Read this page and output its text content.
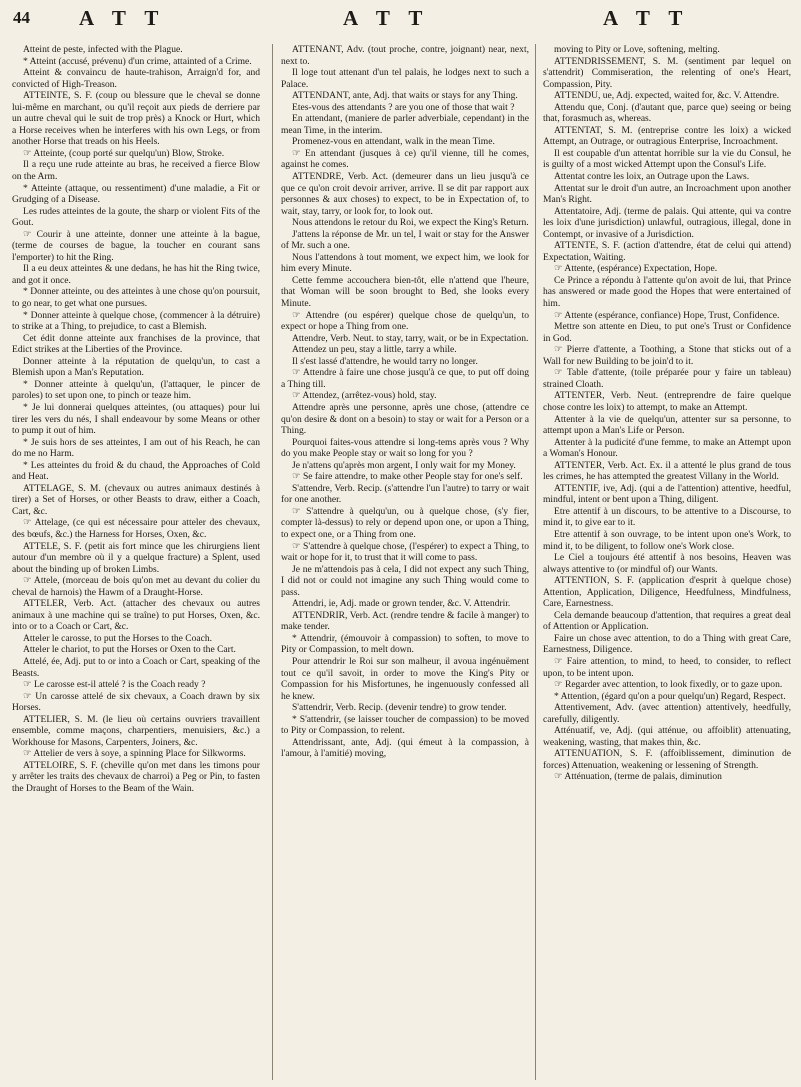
44 A T T	A T T	A T T

Atteint de peste, infected with the Plague.

* Atteint (accusé, prévenu) d'un crime, attainted of a Crime.

Atteint & convaincu de haute-trahison, Arraign'd for, and convicted of High-Treason.

ATTEINTE, S. F. (coup ou blessure que le cheval se donne lui-même en marchant, ou qu'il reçoit aux pieds de derriere par un autre cheval qui le suit de trop près) a Knock or Hurt, which a Horse receives when he interferes with his own Legs, or from another Horse that treads on his Heels.

☞ Atteinte, (coup porté sur quelqu'un) Blow, Stroke.

Il a reçu une rude atteinte au bras, he received a fierce Blow on the Arm.

* Atteinte (attaque, ou ressentiment) d'une maladie, a Fit or Grudging of a Disease.

Les rudes atteintes de la goute, the sharp or violent Fits of the Gout.

☞ Courir à une atteinte, donner une atteinte à la bague, (terme de courses de bague, la toucher en courant sans l'emporter) to hit the Ring.

Il a eu deux atteintes & une dedans, he has hit the Ring twice, and got it once.

* Donner atteinte, ou des atteintes à une chose qu'on poursuit, to go near, to get what one pursues.

* Donner atteinte à quelque chose, (commencer à la détruire) to strike at a Thing, to prejudice, to cast a Blemish.

Cet édit donne atteinte aux franchises de la province, that Edict strikes at the Liberties of the Province.

Donner atteinte à la réputation de quelqu'un, to cast a Blemish upon a Man's Reputation.

* Donner atteinte à quelqu'un, (l'attaquer, le pincer de paroles) to set upon one, to pinch or teaze him.

* Je lui donnerai quelques atteintes, (ou attaques) pour lui tirer les vers du nés, I shall endeavour by some Means or other to pump it out of him.

* Je suis hors de ses atteintes, I am out of his Reach, he can do me no Harm.

* Les atteintes du froid & du chaud, the Approaches of Cold and Heat.

ATTELAGE, S. M. (chevaux ou autres animaux destinés à tirer) a Set of Horses, or other Beasts to draw, either a Coach, Cart, &c.

☞ Attelage, (ce qui est nécessaire pour atteler des chevaux, des bœufs, &c.) the Harness for Horses, Oxen, &c.

ATTELE, S. F. (petit ais fort mince que les chirurgiens lient autour d'un membre où il y a quelque fracture) a Splent, used about the binding up of broken Limbs.

☞ Attele, (morceau de bois qu'on met au devant du colier du cheval de harnois) the Hawm of a Draught-Horse.

ATTELER, Verb. Act. (attacher des chevaux ou autres animaux à une machine qui se traîne) to put Horses, Oxen, &c. into or to a Coach or Cart, &c.

Atteler le carosse, to put the Horses to the Coach.

Atteler le chariot, to put the Horses or Oxen to the Cart.

Attelé, ée, Adj. put to or into a Coach or Cart, speaking of the Beasts.

☞ Le carosse est-il attelé ? is the Coach ready ?

☞ Un carosse attelé de six chevaux, a Coach drawn by six Horses.

ATTELIER, S. M. (le lieu où certains ouvriers travaillent ensemble, comme maçons, charpentiers, menuisiers, &c.) a Workhouse for Masons, Carpenters, Joiners, &c.

☞ Attelier de vers à soye, a spinning Place for Silkworms.

ATTELOIRE, S. F. (cheville qu'on met dans les timons pour y arrêter les traits des chevaux de charroi) a Peg or Pin, to fasten the Draught of Horses to the Beam of the Wain.

ATTENANT, Adv. (tout proche, contre, joignant) near, next, next to.

Il loge tout attenant d'un tel palais, he lodges next to such a Palace.

ATTENDANT, ante, Adj. that waits or stays for any Thing.

Etes-vous des attendants ? are you one of those that wait ?

En attendant, (maniere de parler adverbiale, cependant) in the mean Time, in the interim.

Promenez-vous en attendant, walk in the mean Time.

☞ En attendant (jusques à ce) qu'il vienne, till he comes, against he comes.

ATTENDRE, Verb. Act. (demeurer dans un lieu jusqu'à ce que ce qu'on croit devoir arriver, arrive. Il se dit par rapport aux personnes & aux choses) to expect, to be in Expectation of, to wait, stay, tarry, or look for, to look out.

Nous attendons le retour du Roi, we expect the King's Return.

J'attens la réponse de Mr. un tel, I wait or stay for the Answer of Mr. such a one.

Nous l'attendons à tout moment, we expect him, we look for him every Minute.

Cette femme accouchera bien-tôt, elle n'attend que l'heure, that Woman will be soon brought to Bed, she looks every Minute.

☞ Attendre (ou espérer) quelque chose de quelqu'un, to expect or hope a Thing from one.

Attendre, Verb. Neut. to stay, tarry, wait, or be in Expectation.

Attendez un peu, stay a little, tarry a while.

Il s'est lassé d'attendre, he would tarry no longer.

☞ Attendre à faire une chose jusqu'à ce que, to put off doing a Thing till.

☞ Attendez, (arrêtez-vous) hold, stay.

Attendre après une personne, après une chose, (attendre ce qu'on desire & dont on a besoin) to stay or wait for a Person or a Thing.

Pourquoi faites-vous attendre si long-tems après vous ? Why do you make People stay or wait so long for you ?

Je n'attens qu'après mon argent, I only wait for my Money.

☞ Se faire attendre, to make other People stay for one's self.

S'attendre, Verb. Recip. (s'attendre l'un l'autre) to tarry or wait for one another.

☞ S'attendre à quelqu'un, ou à quelque chose, (s'y fier, compter là-dessus) to rely or depend upon one, or upon a Thing, to expect one, or a Thing from one.

☞ S'attendre à quelque chose, (l'espérer) to expect a Thing, to wait or hope for it, to trust that it will come to pass.

Je ne m'attendois pas à cela, I did not expect any such Thing, I did not or could not imagine any such Thing would come to pass.

Attendri, ie, Adj. made or grown tender, &c. V. Attendrir.

ATTENDRIR, Verb. Act. (rendre tendre & facile à manger) to make tender.

* Attendrir, (émouvoir à compassion) to soften, to move to Pity or Compassion, to melt down.

Pour attendrir le Roi sur son malheur, il avoua ingénuëment tout ce qu'il savoit, in order to move the King's Pity or Compassion for his Misfortunes, he ingenuously confessed all he knew.

S'attendrir, Verb. Recip. (devenir tendre) to grow tender.

* S'attendrir, (se laisser toucher de compassion) to be moved to Pity or Compassion, to relent.

Attendrissant, ante, Adj. (qui émeut à la compassion, à l'amour, à l'amitié) moving,

moving to Pity or Love, softening, melting.

ATTENDRISSEMENT, S. M. (sentiment par lequel on s'attendrit) Commiseration, the relenting of one's Heart, Compassion, Pity.

ATTENDU, ue, Adj. expected, waited for, &c. V. Attendre.

Attendu que, Conj. (d'autant que, parce que) seeing or being that, forasmuch as, whereas.

ATTENTAT, S. M. (entreprise contre les loix) a wicked Attempt, an Outrage, or outragious Enterprise, Incroachment.

Il est coupable d'un attentat horrible sur la vie du Consul, he is guilty of a most wicked Attempt upon the Consul's Life.

Attentat contre les loix, an Outrage upon the Laws.

Attentat sur le droit d'un autre, an Incroachment upon another Man's Right.

Attentatoire, Adj. (terme de palais. Qui attente, qui va contre les loix d'une jurisdiction) unlawful, outragious, illegal, done in Contempt, or invasive of a Jurisdiction.

ATTENTE, S. F. (action d'attendre, état de celui qui attend) Expectation, Waiting.

☞ Attente, (espérance) Expectation, Hope.

Ce Prince a répondu à l'attente qu'on avoit de lui, that Prince has answered or made good the Hopes that were entertained of him.

☞ Attente (espérance, confiance) Hope, Trust, Confidence.

Mettre son attente en Dieu, to put one's Trust or Confidence in God.

☞ Pierre d'attente, a Toothing, a Stone that sticks out of a Wall for new Building to be join'd to it.

☞ Table d'attente, (toile préparée pour y faire un tableau) strained Cloath.

ATTENTER, Verb. Neut. (entreprendre de faire quelque chose contre les loix) to attempt, to make an Attempt.

Attenter à la vie de quelqu'un, attenter sur sa personne, to attempt upon a Man's Life or Person.

Attenter à la pudicité d'une femme, to make an Attempt upon a Woman's Honour.

ATTENTER, Verb. Act. Ex. il a attenté le plus grand de tous les crimes, he has attempted the greatest Villany in the World.

ATTENTIF, ive, Adj. (qui a de l'attention) attentive, heedful, mindful, intent or bent upon a Thing, diligent.

Etre attentif à un discours, to be attentive to a Discourse, to mind it, to give ear to it.

Etre attentif à son ouvrage, to be intent upon one's Work, to mind it, to be diligent, to follow one's Work close.

Le Ciel a toujours été attentif à nos besoins, Heaven was always attentive to (or mindful of) our Wants.

ATTENTION, S. F. (application d'esprit à quelque chose) Attention, Application, Diligence, Heedfulness, Mindfulness, Care, Earnestness.

Cela demande beaucoup d'attention, that requires a great deal of Attention or Application.

Faire un chose avec attention, to do a Thing with great Care, Earnestness, Diligence.

☞ Faire attention, to mind, to heed, to consider, to reflect upon, to be intent upon.

☞ Regarder avec attention, to look fixedly, or to gaze upon.

* Attention, (égard qu'on a pour quelqu'un) Regard, Respect.

Attentivement, Adv. (avec attention) attentively, heedfully, carefully, diligently.

Atténuatif, ve, Adj. (qui atténue, ou affoiblit) attenuating, weakening, wasting, that makes thin, &c.

ATTENUATION, S. F. (affoiblissement, diminution de forces) Attenuation, weakening or lessening of Strength.

☞ Atténuation, (terme de palais, diminution
